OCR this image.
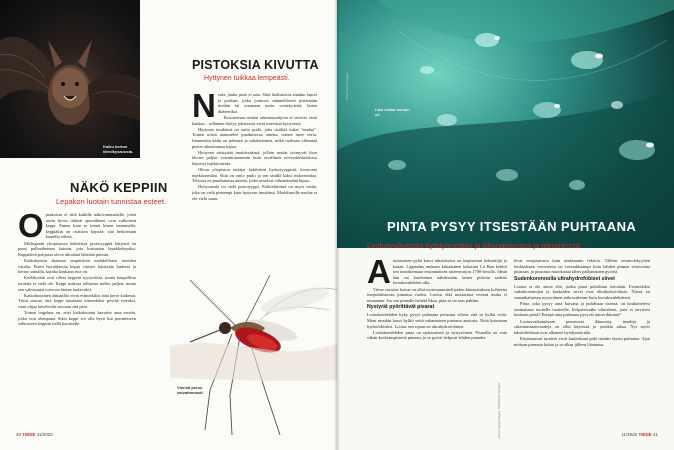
Kaiku kertoo lörmikysavusta.
NÄKÖ KEPPIIN
Lepakon luotain tunnistaa esteet.

Opaskoista ei riitä kaikille näkövammaisille, joten usein hyvin tärkeät apuvälineet ovat valkoinen keppi. Ennen kuin se toimii hiiren tuntumalla, keppiäkin on osattava käyttää: sitä heilutetaan kaarella edestä.

Michiganin yliopistossa kehitettyä prototyyppiä kärjessä on pieni palloaiheinen kaiutin, jota kutsutaan lepakkokepiksi. Kappaleen pohjassa oleva ultraääni lähettää pulssin.

Kaikuluotain skannaa ympäristöä mahdollisten esteiden varalta. Eteen havaittaessa keppi värisee käyttäjän kädessä ja kertoo samalla, kuinka kaukana este on.

Keeläkyttää ovat olleet keppiin tyytyväisiä, mutta kaupallista tuotetta ei vielä ole. Keppi maksaa tulluessa melko paljon, mutta sen valmistajat toivovat hintaa laskevaksi.

Kaikuluotainen ääniaallot eivät esimerkiksi aina kerro kaikesta. Tässä seuraa, että keppi tunnistaa esimerkiksi pöytää esteeksi, vaan ohjaa käveleviin suoraan sitä päin.

Toinen ongelma on, ettei kaikuluotain havaitse aina esteitä, jotka ovat alempana. Siksi keppi voi olla hyvä lisä perinteiseen valkoiseen keppiin tiellä kuraiselle.

PISTOKSIA KIVUTTA
Hyttynen tuikkaa lempeästi.

Neula, jonka pisto ei satu. Siitä ihaltuisivat ainakin lapset ja potilaat, jotka joutuvat säännöllisesti pistämään itseään tai ottamaan usein verinäytteitä, kuten diabeetikot.

Kivuttoman neulan rakennusohjeita ei tarvitse etsiä kaukaa – sellainen löytyy jokaisesta verta imevästä hyttysestä.

Hyttysen imukärsä on ontto putki, joka sisältää kaksi "neulaa". Toinen niistä annostelee puuduttavaa ainetta, toinen imee verta. Imuneulan kärki on pehmeä ja sahalaitainen, mikä osaltaan vähentää piston aiheuttamaa kipua.

Hyttysen värityttää imukärsäänsä, jolloin neulat työntyvät ihon lävitse paljon vaivattomammin kuin tavallinen terveydenhoidossa käytetyt injektioneula.

Ohion yliopiston tutkijat kehittävät hyttystyyppisiä, kivutonta injektioneulaa. Siitä on ontto putki ja sen sisällä kaksi mikroneulaa. Tehossa on puuduttavaa aineita, jotka nostavat vähentämään kipua.

Hyttysneula on vielä prototyyppi. Kehiteltävänä on myös neula, joka on vielä pienempi kuin hyttysen imukärsä. Markkinoille neulaa ei ole vielä saatu.

Vierinä peruu vaivattomasti.
40 TIEDE 11/2020
Lika vallaa reunan yli.
Kuvat: Getty Images
PINTA PYSYY ITSESTÄÄN PUHTAANA
Lootusvaikutusta hyödynnetään jo ikkunalaseissa ja tekstiileissä.

Aasiaisaisen pyhä kasvi intianlootus on inspiroinut keksintöjä jo kauan. Lagendan mukaan kiinalainen keksintö La Ban kehitti sen innoittamana ensimmäisen sateenvarjon 1700-luvulla. Idean hän sai kuulemma nähdessään lasten pitävän sadetta lootuksenlehden alla.

Viime vuosina lootus on ollut tuotesuunnittelijoiden kiinnostuksen kohteena itsepuhdistuvan pintansa vuoksi. Lootus elää mutaisissa vesissä mutta ei mutaannu. Jos sen pinnalle heittää likaa, plan se on taas puhdas.

Nystyrät pyörittävät pisarat

Lootuksenlehden kyky pysyä puhtaana perustuu siihen, että se hylkii vettä. Moni muukin kasvi hylkii vettä vahamaisen pintansa ansiosta. Niitä kutsutaan hydrofobisiksi. Lootus sen sijaan on ultrahydrofobinen.

Lootuksenlehden pinta on epätasainen ja nystyröinen. Pisaralla on vain vähän kosketuspisteitä pintaan, ja se pyörii helposti lehden pinnalta.

Kuvat: Getty Images, SPL/Ritzau Scanpix

levat vesipisarasta kuin neulamatto fakiiria. Tällöin vesimolekyylien keskinäinen vetovoima on voimakkaampi kuin lehden pinnan vetovoima pisaraan, ja pisarasta muodostuu lähes pallomainen pyöreä.

Sudenkorennolla ultrahydrofobiset siivet

Lootus ei ole ainoa eliö, jonka pinta puhdistuu itsestään. Esimerkiksi sudenkorentojen ja kaskaiden siivet ovat ultrahydrofobisia. Niissä on samankaltaisen nystyräinen mikrorakenne kuin lootuksenlehdessä.

Pinta, joka pysyy aina kuivana ja puhdistaa itsensä, on houkutteleva ominaisuus monelle tuotteelle. Kelpaisivatko ulimaläset, joita ei tarvitsisi koskaan pestä? Entäpä aina puhtaana pysyvät auton ikkunat?

Lootusvaikutukseen perustuvia ikkunoita, maaleja ja rakennusmateriaaleja on ollut käytössä jo joitakin aikaa. Nyt myös tekstiilitehtaat ovat alkaneet hyödyntää tätä.

Käytännössä tuotteet eivät kuitenkaan pidä itseään täysin puhtaina. Ajan mittaan pinnasta kuluu ja se alkaa jälleen likaantua.

11/2020 TIEDE 41
